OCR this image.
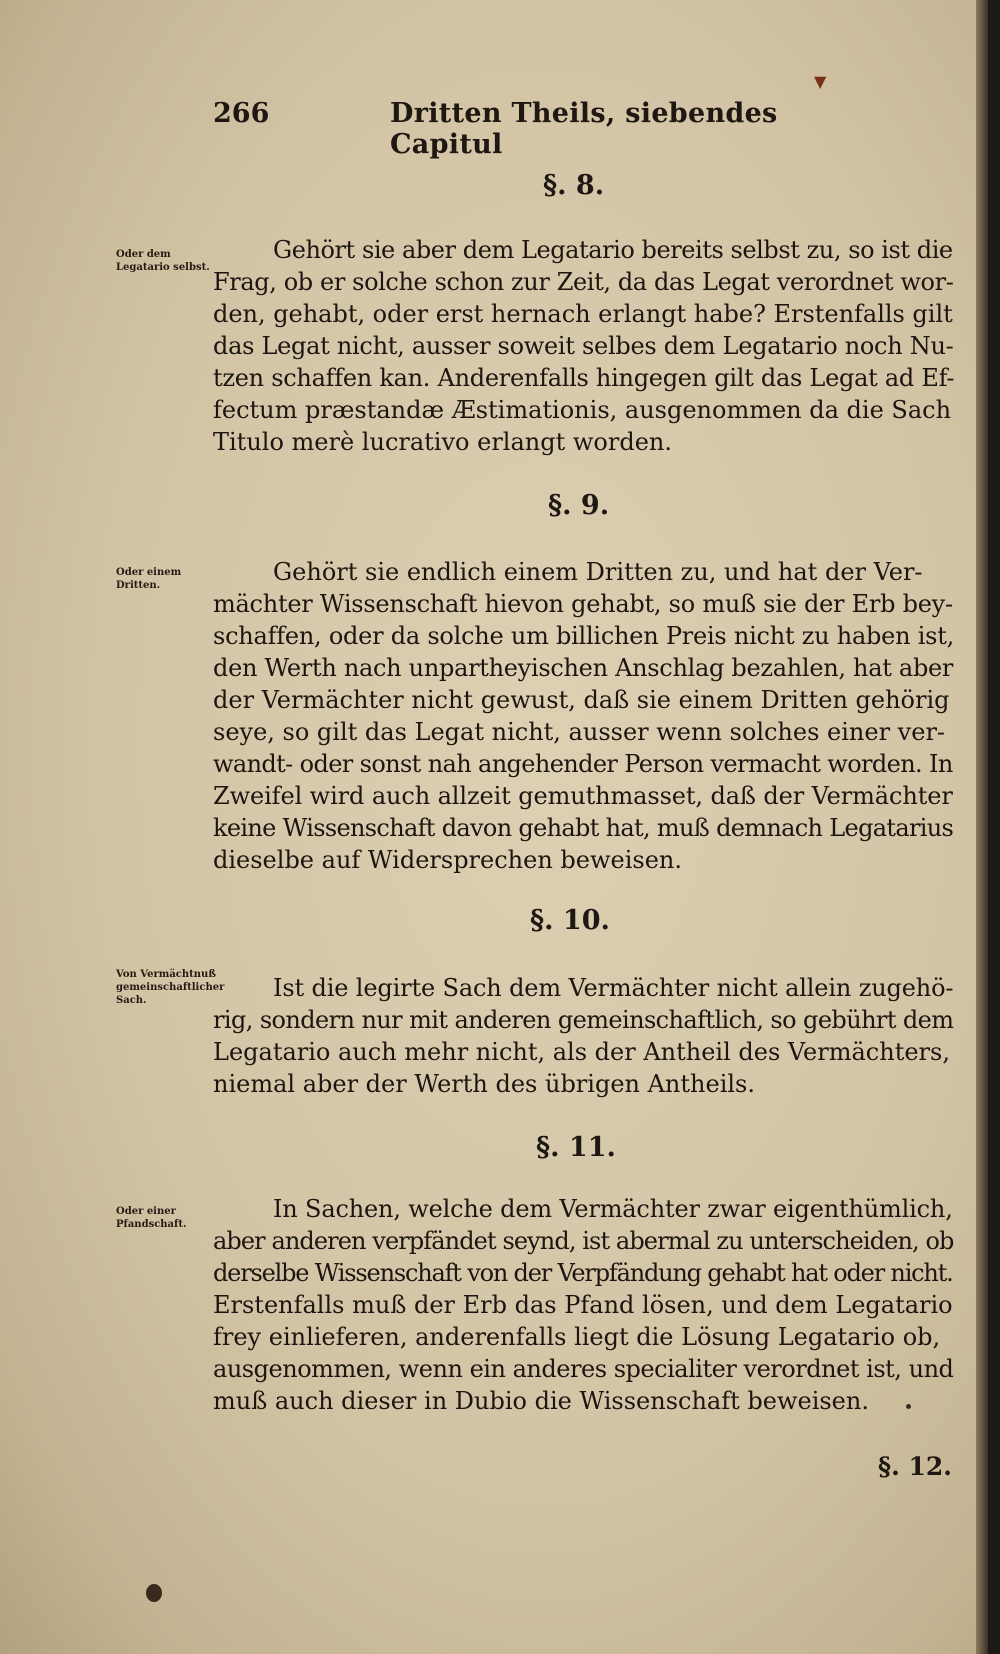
▼
266	Dritten Theils, siebendes Capitul
§. 8.
Oder dem Legatario selbst.
Gehört sie aber dem Legatario bereits selbst zu, so ist die
Frag, ob er solche schon zur Zeit, da das Legat verordnet wor-
den, gehabt, oder erst hernach erlangt habe? Erstenfalls gilt
das Legat nicht, ausser soweit selbes dem Legatario noch Nu-
tzen schaffen kan. Anderenfalls hingegen gilt das Legat ad Ef-
fectum præstandæ Æstimationis, ausgenommen da die Sach
Titulo merè lucrativo erlangt worden.
§. 9.
Oder einem Dritten.	Gehört sie endlich einem Dritten zu, und hat der Ver-
mächter Wissenschaft hievon gehabt, so muß sie der Erb bey-
schaffen, oder da solche um billichen Preis nicht zu haben ist,
den Werth nach unpartheyischen Anschlag bezahlen, hat aber
der Vermächter nicht gewust, daß sie einem Dritten gehörig
seye, so gilt das Legat nicht, ausser wenn solches einer ver-
wandt- oder sonst nah angehender Person vermacht worden. In
Zweifel wird auch allzeit gemuthmasset, daß der Vermächter
keine Wissenschaft davon gehabt hat, muß demnach Legatarius
dieselbe auf Widersprechen beweisen.
§. 10.
Von Vermächtnuß gemeinschaftlicher Sach.	Ist die legirte Sach dem Vermächter nicht allein zugehö-
rig, sondern nur mit anderen gemeinschaftlich, so gebührt dem
Legatario auch mehr nicht, als der Antheil des Vermächters,
niemal aber der Werth des übrigen Antheils.
§. 11.
Oder einer Pfandschaft.
In Sachen, welche dem Vermächter zwar eigenthümlich,
aber anderen verpfändet seynd, ist abermal zu unterscheiden, ob
derselbe Wissenschaft von der Verpfändung gehabt hat oder nicht.
Erstenfalls muß der Erb das Pfand lösen, und dem Legatario
frey einlieferen, anderenfalls liegt die Lösung Legatario ob,
ausgenommen, wenn ein anderes specialiter verordnet ist, und
muß auch dieser in Dubio die Wissenschaft beweisen.
§. 12.
